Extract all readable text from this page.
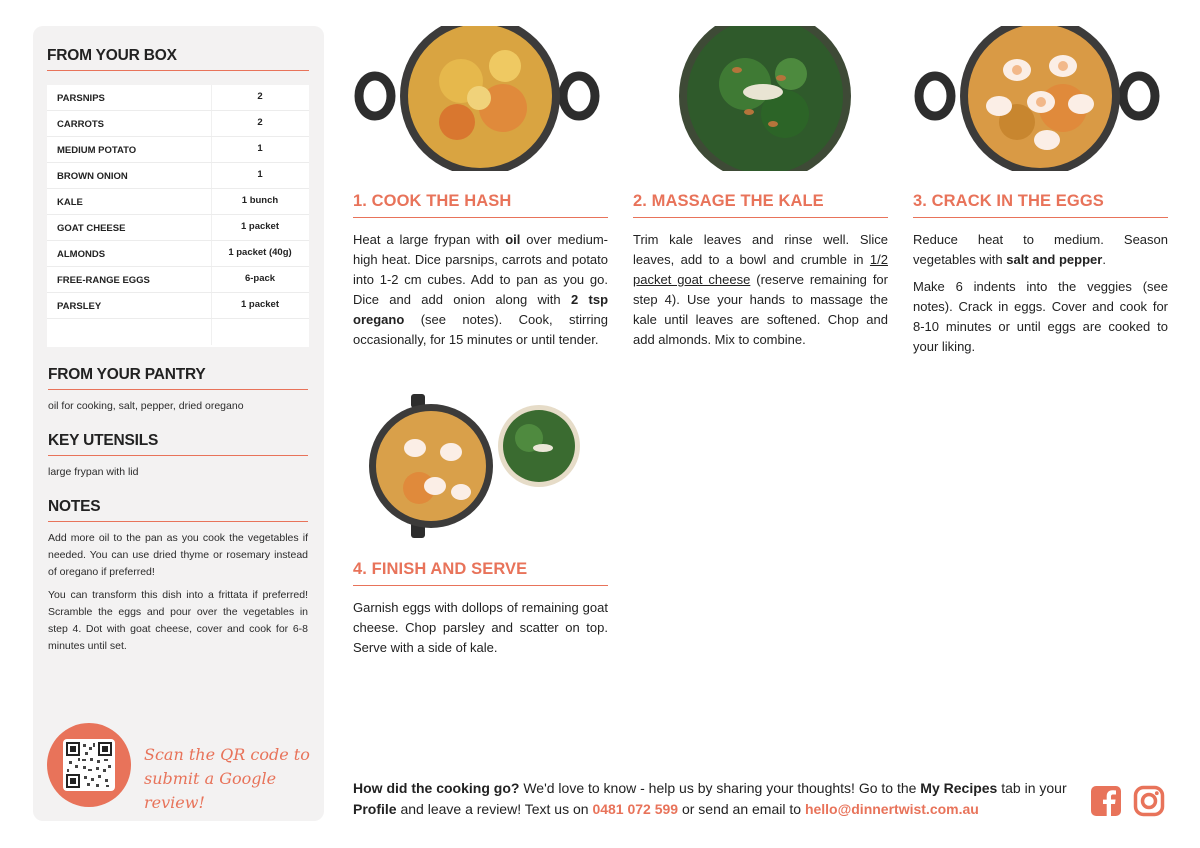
FROM YOUR BOX
PARSNIPS	2
CARROTS	2
MEDIUM POTATO	1
BROWN ONION	1
KALE	1 bunch
GOAT CHEESE	1 packet
ALMONDS	1 packet (40g)
FREE-RANGE EGGS	6-pack
PARSLEY	1 packet
FROM YOUR PANTRY

oil for cooking, salt, pepper, dried oregano

KEY UTENSILS

large frypan with lid

NOTES

Add more oil to the pan as you cook the vegetables if needed. You can use dried thyme or rosemary instead of oregano if preferred!

You can transform this dish into a frittata if preferred! Scramble the eggs and pour over the vegetables in step 4. Dot with goat cheese, cover and cook for 6-8 minutes until set.

Scan the QR code to
submit a Google review!
1. COOK THE HASH

Heat a large frypan with oil over medium-high heat. Dice parsnips, carrots and potato into 1-2 cm cubes. Add to pan as you go. Dice and add onion along with 2 tsp oregano (see notes). Cook, stirring occasionally, for 15 minutes or until tender.

2. MASSAGE THE KALE

Trim kale leaves and rinse well. Slice leaves, add to a bowl and crumble in 1/2 packet goat cheese (reserve remaining for step 4). Use your hands to massage the kale until leaves are softened. Chop and add almonds. Mix to combine.

3. CRACK IN THE EGGS

Reduce heat to medium. Season vegetables with salt and pepper.

Make 6 indents into the veggies (see notes). Crack in eggs. Cover and cook for 8-10 minutes or until eggs are cooked to your liking.

4. FINISH AND SERVE

Garnish eggs with dollops of remaining goat cheese. Chop parsley and scatter on top. Serve with a side of kale.

How did the cooking go? We'd love to know - help us by sharing your thoughts! Go to the My Recipes tab in your Profile and leave a review! Text us on 0481 072 599 or send an email to hello@dinnertwist.com.au
